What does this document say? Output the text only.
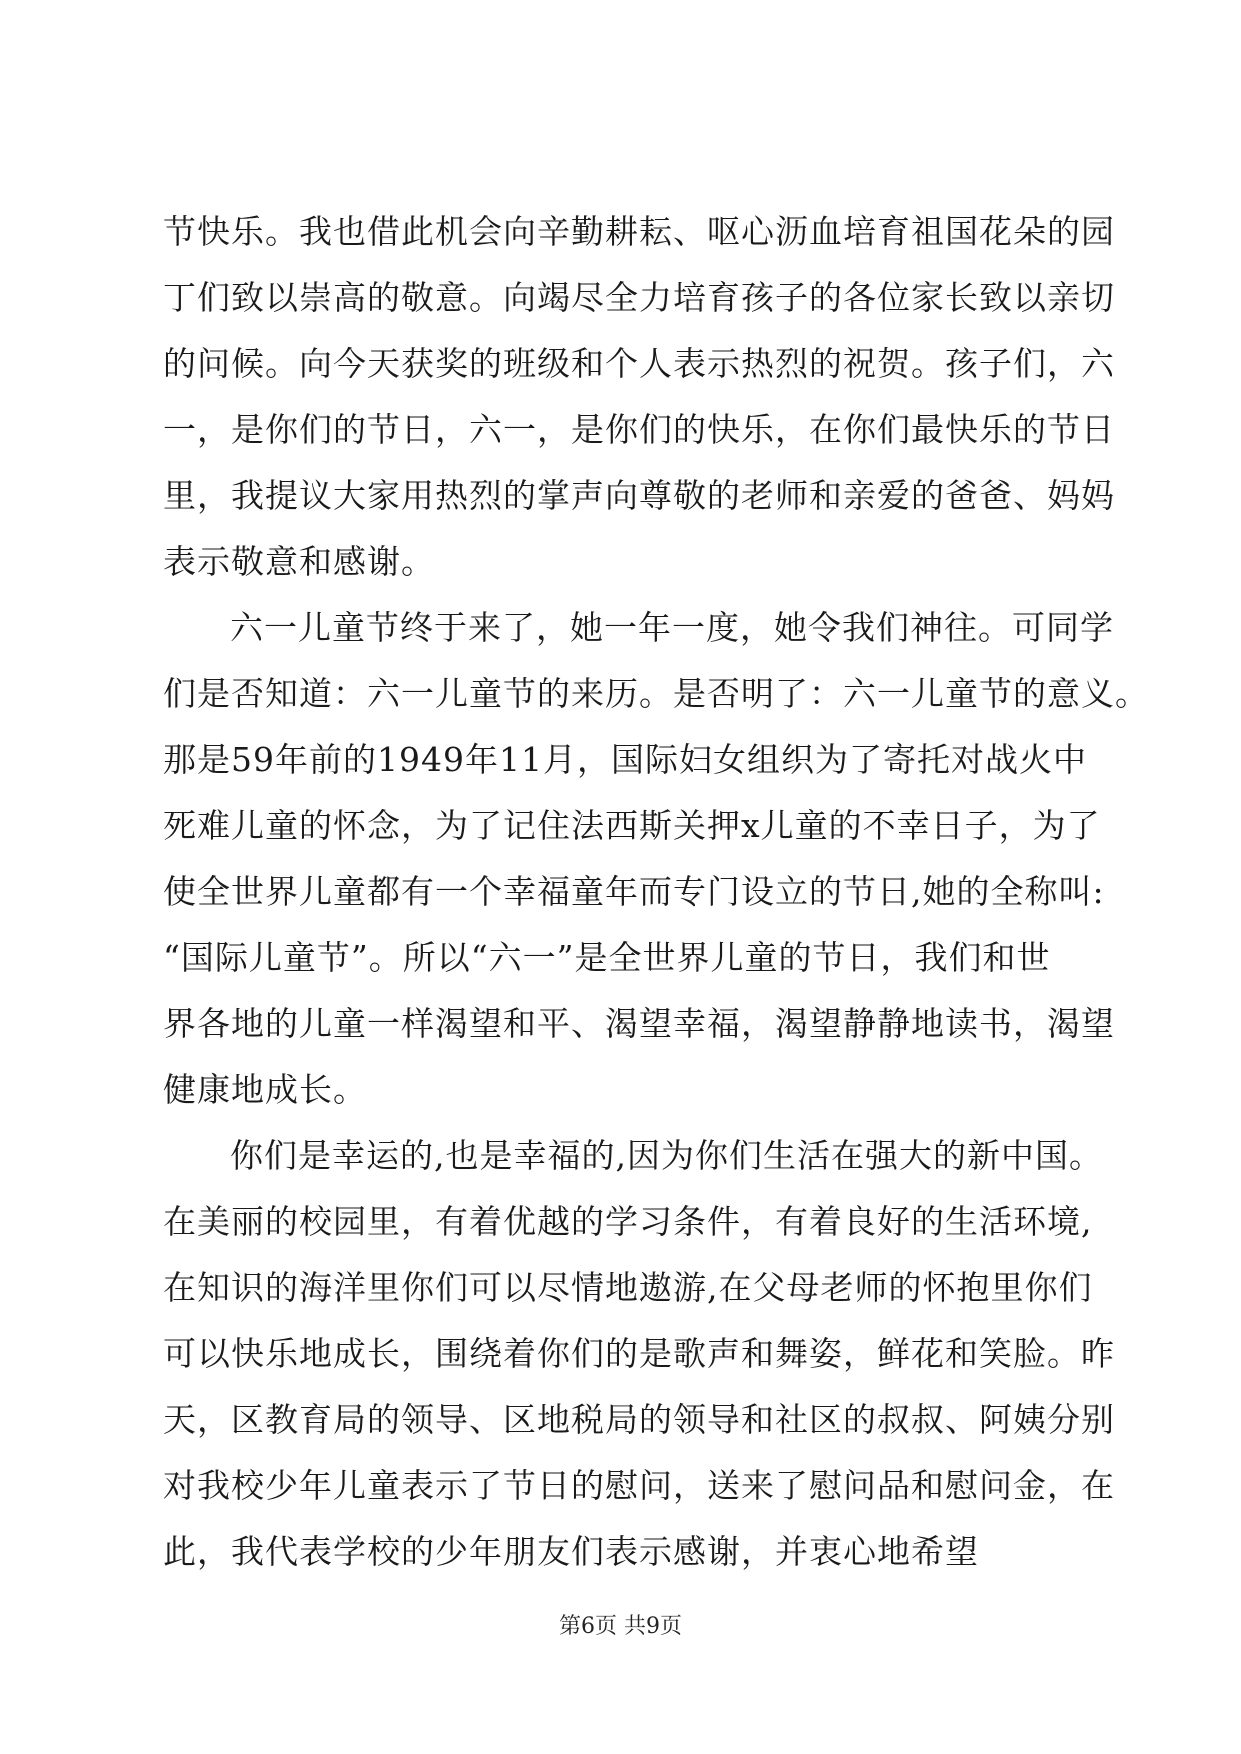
节快乐。我也借此机会向辛勤耕耘、呕心沥血培育祖国花朵的园
丁们致以崇高的敬意。向竭尽全力培育孩子的各位家长致以亲切
的问候。向今天获奖的班级和个人表示热烈的祝贺。孩子们，六
一，是你们的节日，六一，是你们的快乐，在你们最快乐的节日
里，我提议大家用热烈的掌声向尊敬的老师和亲爱的爸爸、妈妈
表示敬意和感谢。
六一儿童节终于来了，她一年一度，她令我们神往。可同学
们是否知道：六一儿童节的来历。是否明了：六一儿童节的意义。
那是59年前的1949年11月，国际妇女组织为了寄托对战火中
死难儿童的怀念，为了记住法西斯关押x儿童的不幸日子，为了
使全世界儿童都有一个幸福童年而专门设立的节日,她的全称叫:
“国际儿童节”。所以“六一”是全世界儿童的节日，我们和世
界各地的儿童一样渴望和平、渴望幸福，渴望静静地读书，渴望
健康地成长。
你们是幸运的,也是幸福的,因为你们生活在强大的新中国。
在美丽的校园里，有着优越的学习条件，有着良好的生活环境,
在知识的海洋里你们可以尽情地遨游,在父母老师的怀抱里你们
可以快乐地成长，围绕着你们的是歌声和舞姿，鲜花和笑脸。昨
天，区教育局的领导、区地税局的领导和社区的叔叔、阿姨分别
对我校少年儿童表示了节日的慰问，送来了慰问品和慰问金，在
此，我代表学校的少年朋友们表示感谢，并衷心地希望
第6页 共9页
